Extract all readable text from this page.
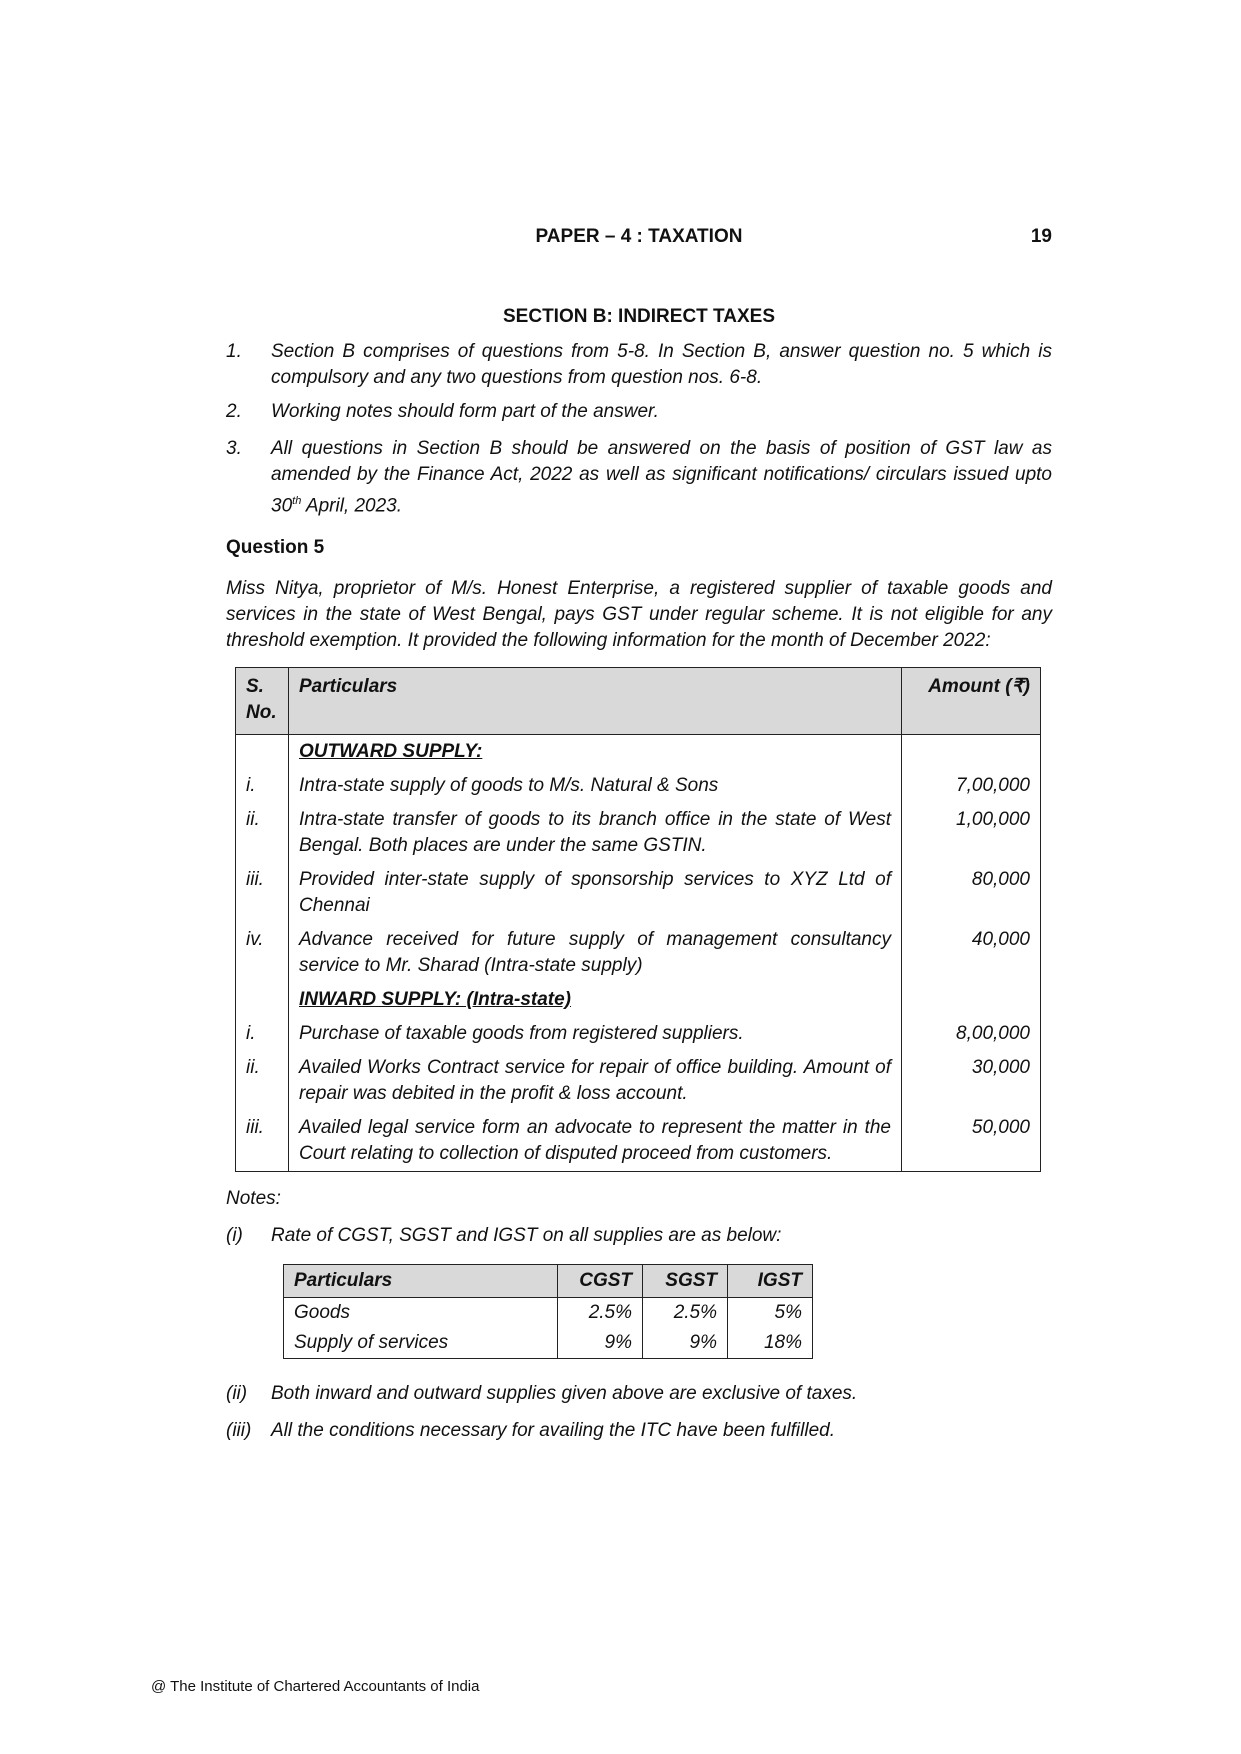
PAPER – 4 : TAXATION	19
SECTION B: INDIRECT TAXES
1. Section B comprises of questions from 5-8. In Section B, answer question no. 5 which is compulsory and any two questions from question nos. 6-8.
2. Working notes should form part of the answer.
3. All questions in Section B should be answered on the basis of position of GST law as amended by the Finance Act, 2022 as well as significant notifications/ circulars issued upto 30th April, 2023.
Question 5
Miss Nitya, proprietor of M/s. Honest Enterprise, a registered supplier of taxable goods and services in the state of West Bengal, pays GST under regular scheme. It is not eligible for any threshold exemption. It provided the following information for the month of December 2022:
S. No.	Particulars	Amount (₹)
	OUTWARD SUPPLY:	
i.	Intra-state supply of goods to M/s. Natural & Sons	7,00,000
ii.	Intra-state transfer of goods to its branch office in the state of West Bengal. Both places are under the same GSTIN.	1,00,000
iii.	Provided inter-state supply of sponsorship services to XYZ Ltd of Chennai	80,000
iv.	Advance received for future supply of management consultancy service to Mr. Sharad (Intra-state supply)	40,000
	INWARD SUPPLY: (Intra-state)	
i.	Purchase of taxable goods from registered suppliers.	8,00,000
ii.	Availed Works Contract service for repair of office building. Amount of repair was debited in the profit & loss account.	30,000
iii.	Availed legal service form an advocate to represent the matter in the Court relating to collection of disputed proceed from customers.	50,000
Notes:
(i) Rate of CGST, SGST and IGST on all supplies are as below:
Particulars	CGST	SGST	IGST
Goods	2.5%	2.5%	5%
Supply of services	9%	9%	18%
(ii) Both inward and outward supplies given above are exclusive of taxes.
(iii) All the conditions necessary for availing the ITC have been fulfilled.
@ The Institute of Chartered Accountants of India
